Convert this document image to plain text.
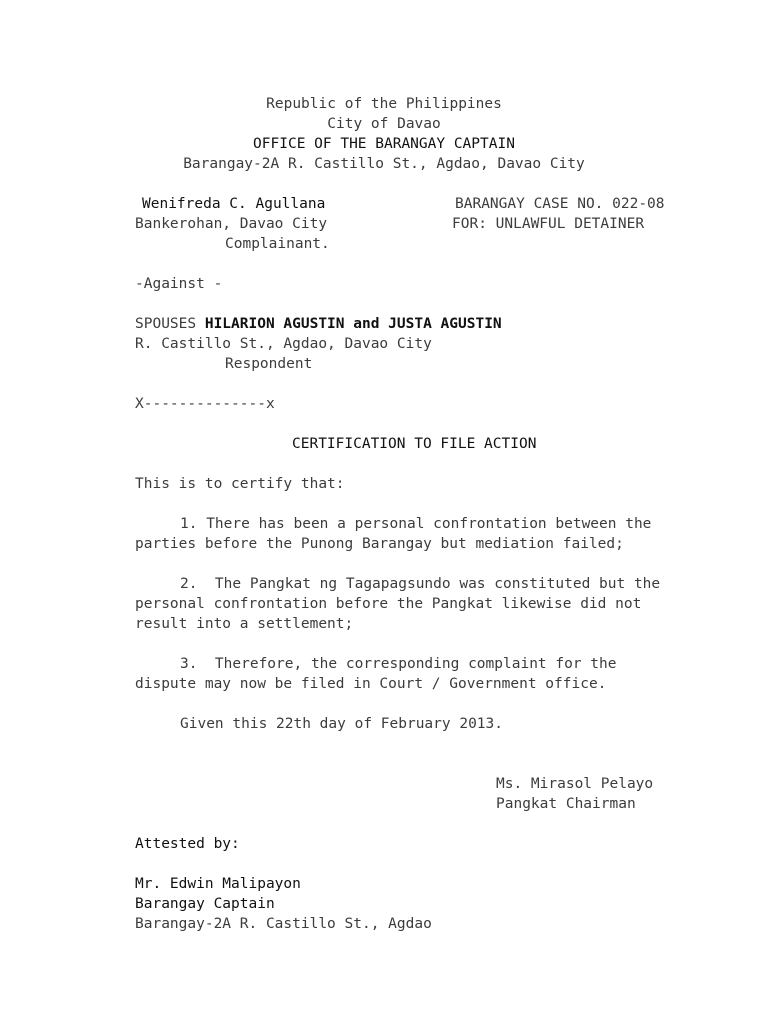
Republic of the Philippines
City of Davao
OFFICE OF THE BARANGAY CAPTAIN
Barangay-2A R. Castillo St., Agdao, Davao City
Wenifreda C. Agullana	BARANGAY CASE NO. 022-08
Bankerohan, Davao City	FOR: UNLAWFUL DETAINER
Complainant.
-Against -
SPOUSES HILARION AGUSTIN and JUSTA AGUSTIN
R. Castillo St., Agdao, Davao City
Respondent
X--------------x
CERTIFICATION TO FILE ACTION
This is to certify that:
1. There has been a personal confrontation between the
parties before the Punong Barangay but mediation failed;
2.  The Pangkat ng Tagapagsundo was constituted but the
personal confrontation before the Pangkat likewise did not
result into a settlement;
3.  Therefore, the corresponding complaint for the
dispute may now be filed in Court / Government office.
Given this 22th day of February 2013.
Ms. Mirasol Pelayo
Pangkat Chairman
Attested by:
Mr. Edwin Malipayon
Barangay Captain
Barangay-2A R. Castillo St., Agdao
